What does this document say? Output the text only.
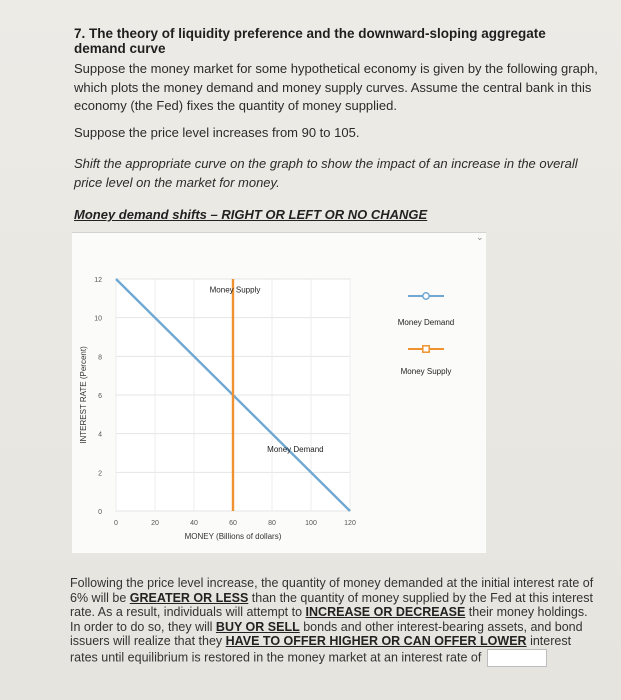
7. The theory of liquidity preference and the downward-sloping aggregate demand curve
Suppose the money market for some hypothetical economy is given by the following graph, which plots the money demand and money supply curves. Assume the central bank in this economy (the Fed) fixes the quantity of money supplied.
Suppose the price level increases from 90 to 105.
Shift the appropriate curve on the graph to show the impact of an increase in the overall price level on the market for money.
Money demand shifts – RIGHT OR LEFT OR NO CHANGE
0
2
4
6
8
10
12
0	20	40	60	80	100	120
MONEY (Billions of dollars)
INTEREST RATE (Percent)
Money Supply
Money Demand
Money Demand
Money Supply
⌄
Following the price level increase, the quantity of money demanded at the initial interest rate of 6% will be GREATER OR LESS than the quantity of money supplied by the Fed at this interest rate. As a result, individuals will attempt to INCREASE OR DECREASE their money holdings. In order to do so, they will BUY OR SELL bonds and other interest-bearing assets, and bond issuers will realize that they HAVE TO OFFER HIGHER OR CAN OFFER LOWER interest rates until equilibrium is restored in the money market at an interest rate of
